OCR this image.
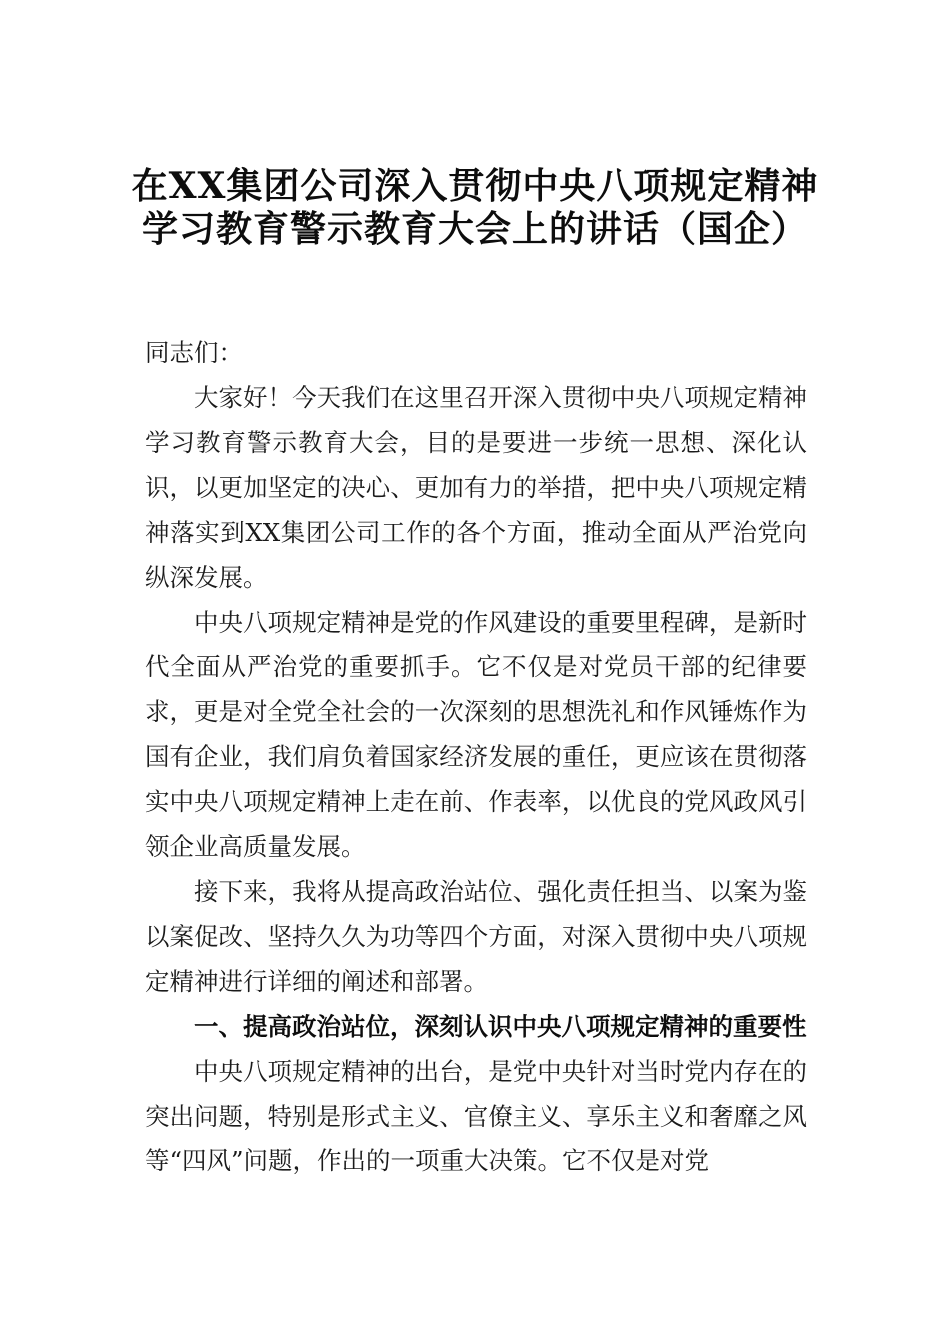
在XX集团公司深入贯彻中央八项规定精神
学习教育警示教育大会上的讲话（国企）
同志们：

大家好！今天我们在这里召开深入贯彻中央八项规定精神学习教育警示教育大会，目的是要进一步统一思想、深化认识，以更加坚定的决心、更加有力的举措，把中央八项规定精神落实到XX集团公司工作的各个方面，推动全面从严治党向纵深发展。

中央八项规定精神是党的作风建设的重要里程碑，是新时代全面从严治党的重要抓手。它不仅是对党员干部的纪律要求，更是对全党全社会的一次深刻的思想洗礼和作风锤炼作为国有企业，我们肩负着国家经济发展的重任，更应该在贯彻落实中央八项规定精神上走在前、作表率，以优良的党风政风引领企业高质量发展。

接下来，我将从提高政治站位、强化责任担当、以案为鉴以案促改、坚持久久为功等四个方面，对深入贯彻中央八项规定精神进行详细的阐述和部署。

一、提高政治站位，深刻认识中央八项规定精神的重要性

中央八项规定精神的出台，是党中央针对当时党内存在的突出问题，特别是形式主义、官僚主义、享乐主义和奢靡之风等“四风”问题，作出的一项重大决策。它不仅是对党
